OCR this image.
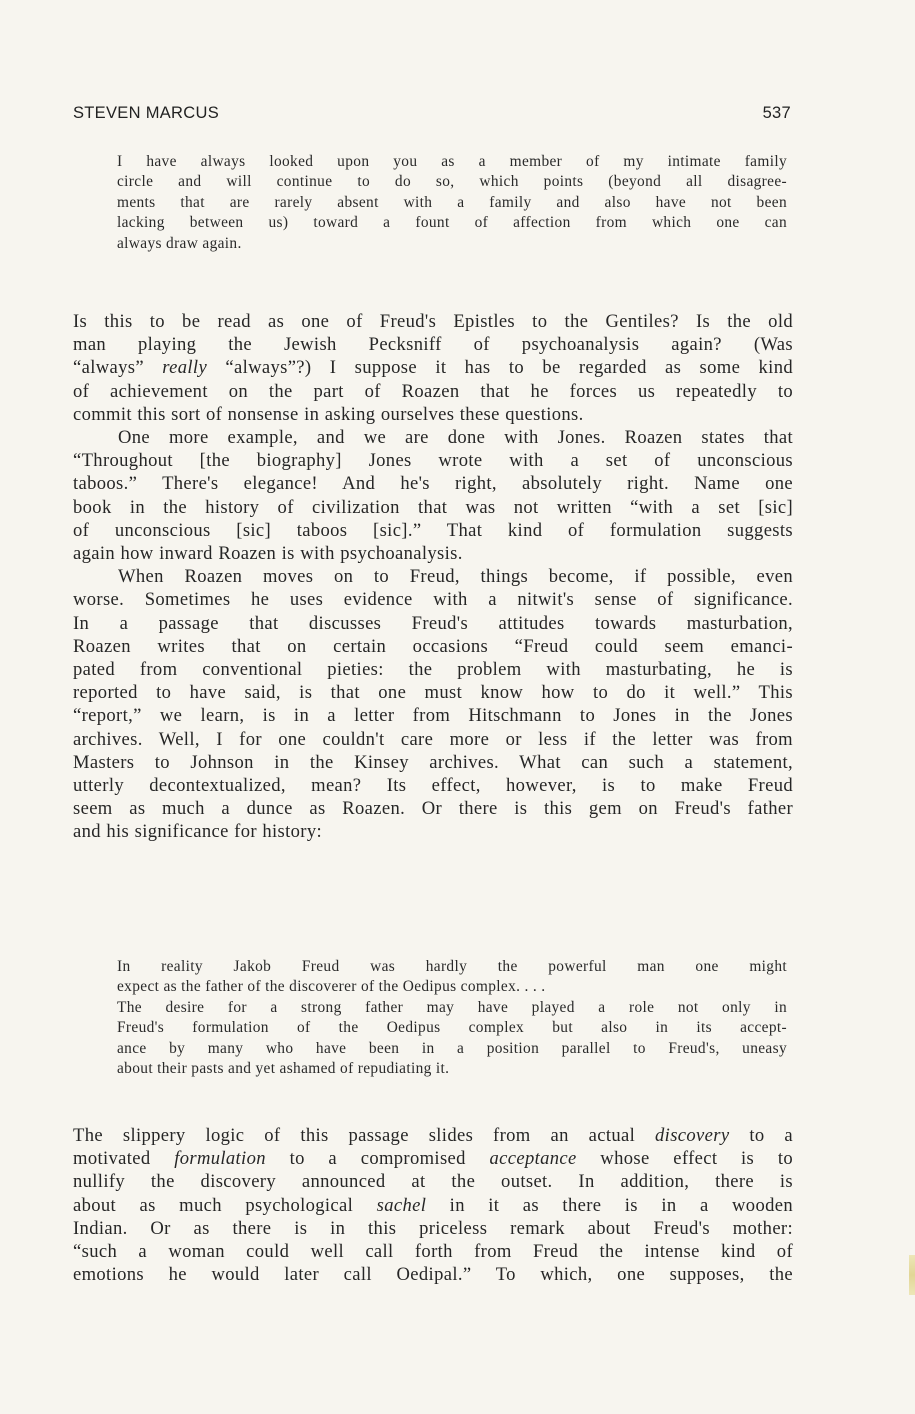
STEVEN MARCUS	537
I have always looked upon you as a member of my intimate family
circle and will continue to do so, which points (beyond all disagree-
ments that are rarely absent with a family and also have not been
lacking between us) toward a fount of affection from which one can
always draw again.
Is this to be read as one of Freud's Epistles to the Gentiles? Is the old
man playing the Jewish Pecksniff of psychoanalysis again? (Was
“always” really “always”?) I suppose it has to be regarded as some kind
of achievement on the part of Roazen that he forces us repeatedly to
commit this sort of nonsense in asking ourselves these questions.
One more example, and we are done with Jones. Roazen states that
“Throughout [the biography] Jones wrote with a set of unconscious
taboos.” There's elegance! And he's right, absolutely right. Name one
book in the history of civilization that was not written “with a set [sic]
of unconscious [sic] taboos [sic].” That kind of formulation suggests
again how inward Roazen is with psychoanalysis.
When Roazen moves on to Freud, things become, if possible, even
worse. Sometimes he uses evidence with a nitwit's sense of significance.
In a passage that discusses Freud's attitudes towards masturbation,
Roazen writes that on certain occasions “Freud could seem emanci-
pated from conventional pieties: the problem with masturbating, he is
reported to have said, is that one must know how to do it well.” This
“report,” we learn, is in a letter from Hitschmann to Jones in the Jones
archives. Well, I for one couldn't care more or less if the letter was from
Masters to Johnson in the Kinsey archives. What can such a statement,
utterly decontextualized, mean? Its effect, however, is to make Freud
seem as much a dunce as Roazen. Or there is this gem on Freud's father
and his significance for history:
In reality Jakob Freud was hardly the powerful man one might
expect as the father of the discoverer of the Oedipus complex. . . .
The desire for a strong father may have played a role not only in
Freud's formulation of the Oedipus complex but also in its accept-
ance by many who have been in a position parallel to Freud's, uneasy
about their pasts and yet ashamed of repudiating it.
The slippery logic of this passage slides from an actual discovery to a
motivated formulation to a compromised acceptance whose effect is to
nullify the discovery announced at the outset. In addition, there is
about as much psychological sachel in it as there is in a wooden
Indian. Or as there is in this priceless remark about Freud's mother:
“such a woman could well call forth from Freud the intense kind of
emotions he would later call Oedipal.” To which, one supposes, the
